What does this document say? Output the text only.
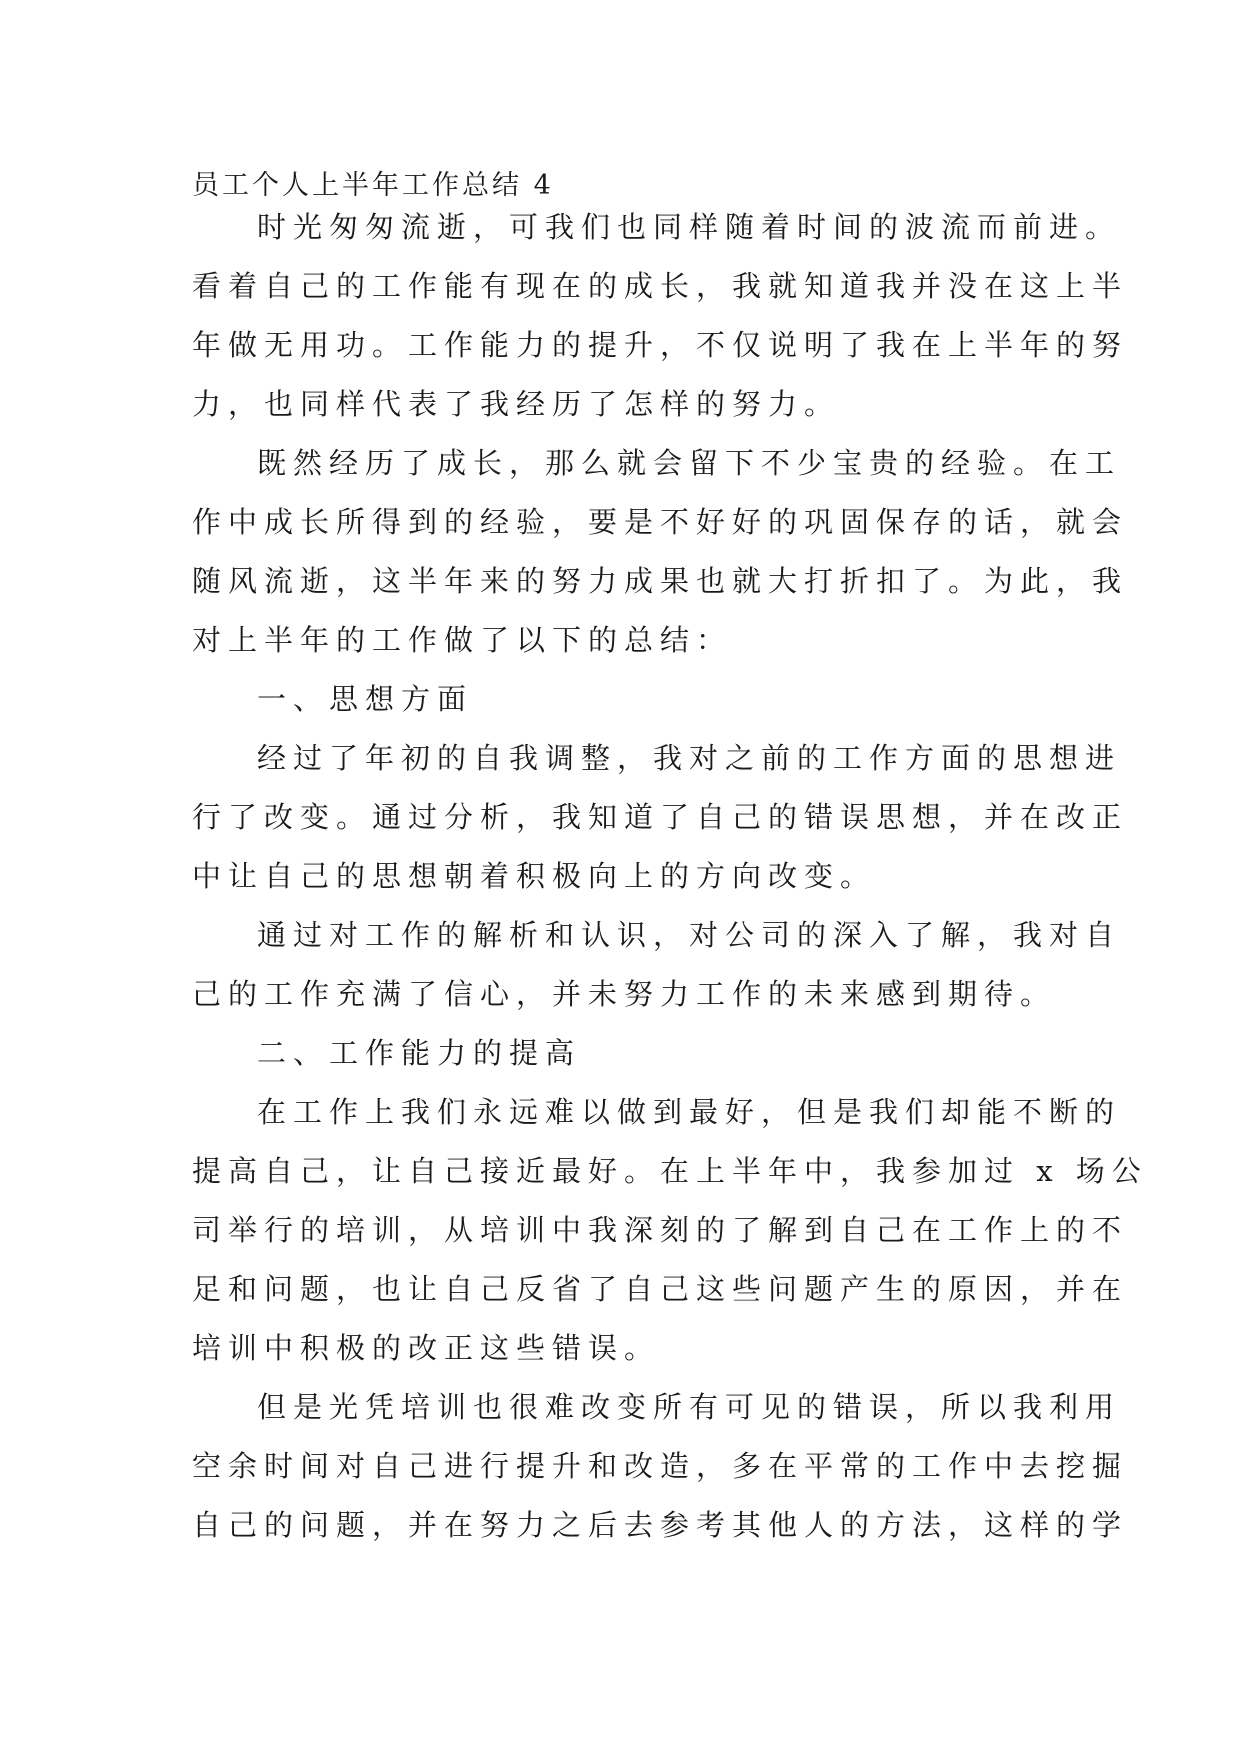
员工个人上半年工作总结 4
时光匆匆流逝，可我们也同样随着时间的波流而前进。
看着自己的工作能有现在的成长，我就知道我并没在这上半
年做无用功。工作能力的提升，不仅说明了我在上半年的努
力，也同样代表了我经历了怎样的努力。
既然经历了成长，那么就会留下不少宝贵的经验。在工
作中成长所得到的经验，要是不好好的巩固保存的话，就会
随风流逝，这半年来的努力成果也就大打折扣了。为此，我
对上半年的工作做了以下的总结：
一、思想方面
经过了年初的自我调整，我对之前的工作方面的思想进
行了改变。通过分析，我知道了自己的错误思想，并在改正
中让自己的思想朝着积极向上的方向改变。
通过对工作的解析和认识，对公司的深入了解，我对自
己的工作充满了信心，并未努力工作的未来感到期待。
二、工作能力的提高
在工作上我们永远难以做到最好，但是我们却能不断的
提高自己，让自己接近最好。在上半年中，我参加过 x 场公
司举行的培训，从培训中我深刻的了解到自己在工作上的不
足和问题，也让自己反省了自己这些问题产生的原因，并在
培训中积极的改正这些错误。
但是光凭培训也很难改变所有可见的错误，所以我利用
空余时间对自己进行提升和改造，多在平常的工作中去挖掘
自己的问题，并在努力之后去参考其他人的方法，这样的学
